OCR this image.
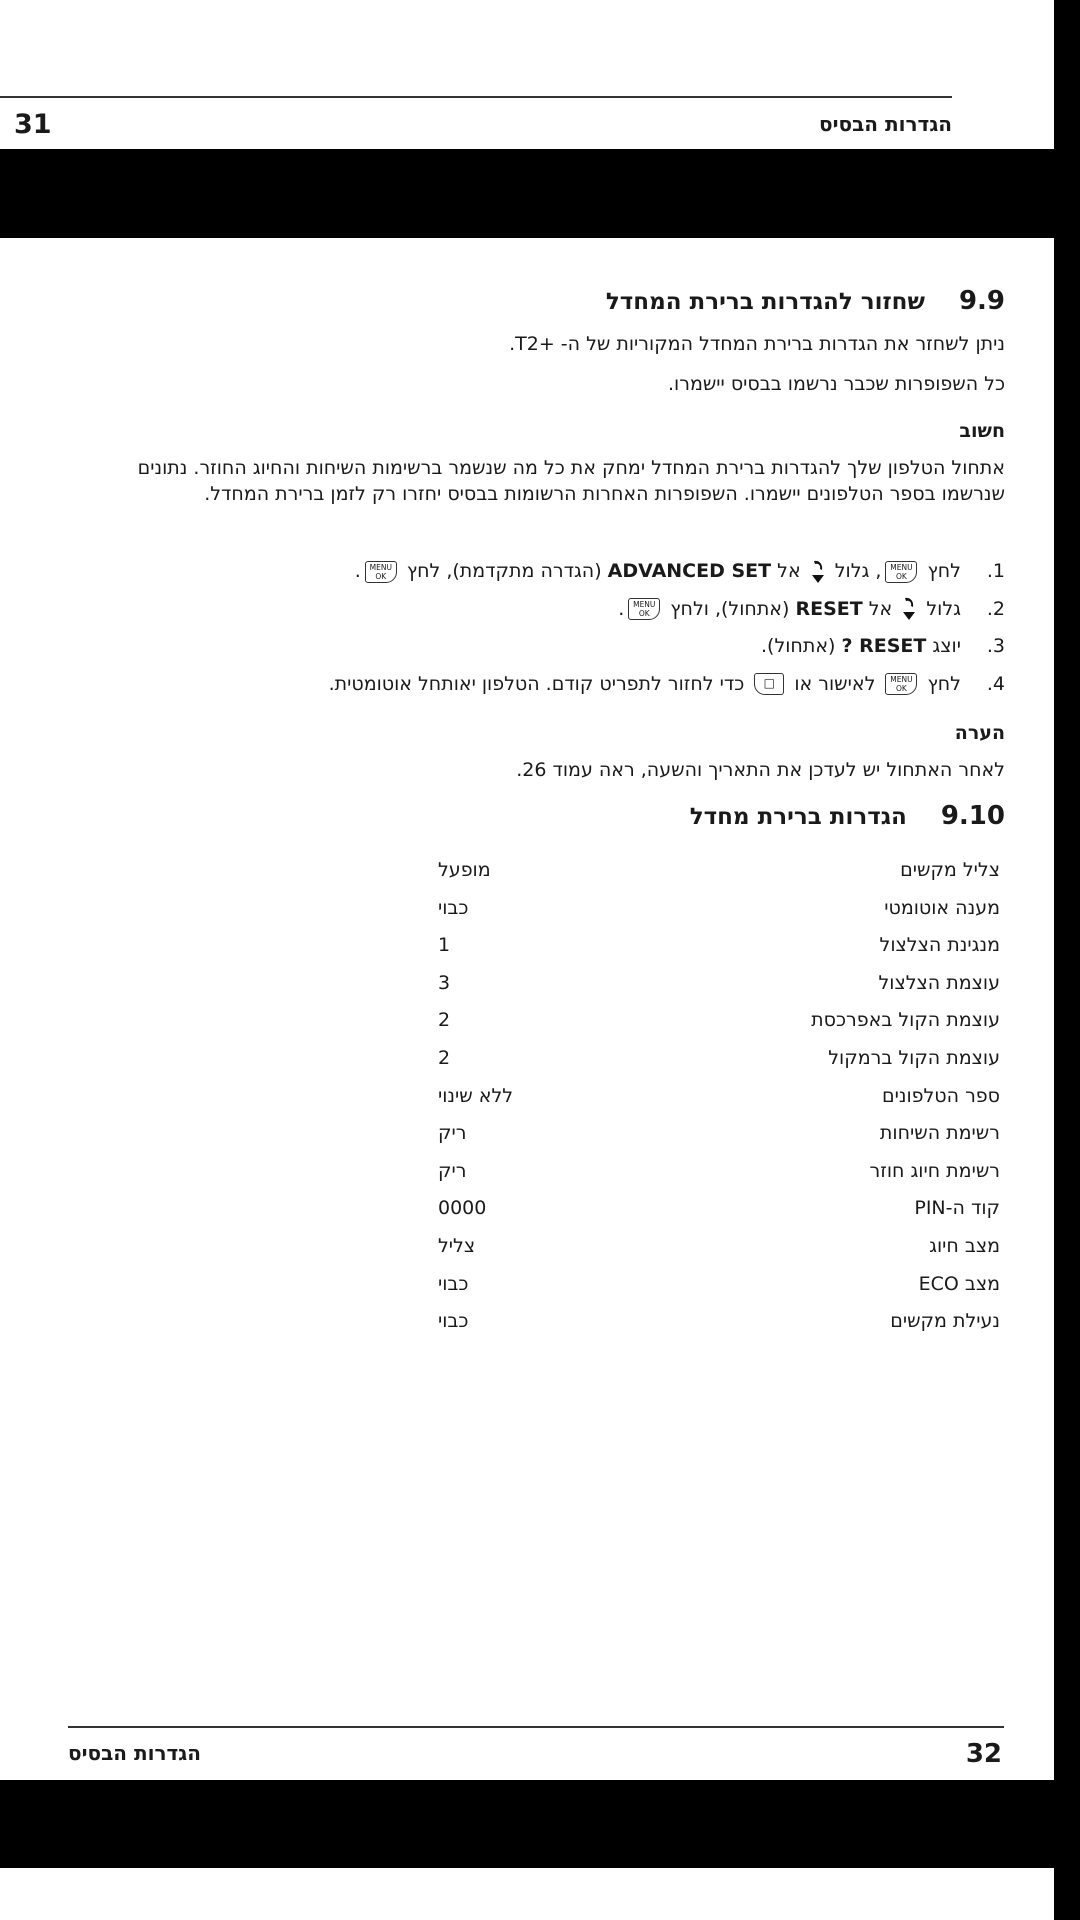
31	הגדרות הבסיס
9.9
שחזור להגדרות ברירת המחדל

ניתן לשחזר את הגדרות ברירת המחדל המקוריות של ה- +T2.

כל השפופרות שכבר נרשמו בבסיס יישמרו.

חשוב

אתחול הטלפון שלך להגדרות ברירת המחדל ימחק את כל מה שנשמר ברשימות השיחות והחיוג החוזר. נתונים שנרשמו בספר הטלפונים יישמרו. השפופרות האחרות הרשומות בבסיס יחזרו רק לזמן ברירת המחדל.

1. לחץ
MENU
OK
, גלול  אל ADVANCED SET (הגדרה מתקדמת), לחץ
MENU
OK
.
2. גלול  אל RESET (אתחול), ולחץ
MENU
OK
.
3. יוצג RESET ? (אתחול).
4. לחץ
MENU
OK
לאישור או □ כדי לחזור לתפריט קודם. הטלפון יאותחל אוטומטית.
הערה

לאחר האתחול יש לעדכן את התאריך והשעה, ראה עמוד 26.

9.10
הגדרות ברירת מחדל
צליל מקשים
מופעל
מענה אוטומטי
כבוי
מנגינת הצלצול
1
עוצמת הצלצול
3
עוצמת הקול באפרכסת
2
עוצמת הקול ברמקול
2
ספר הטלפונים
ללא שינוי
רשימת השיחות
ריק
רשימת חיוג חוזר
ריק
קוד ה-PIN
0000
מצב חיוג
צליל
מצב ECO
כבוי
נעילת מקשים
כבוי
32
הגדרות הבסיס
